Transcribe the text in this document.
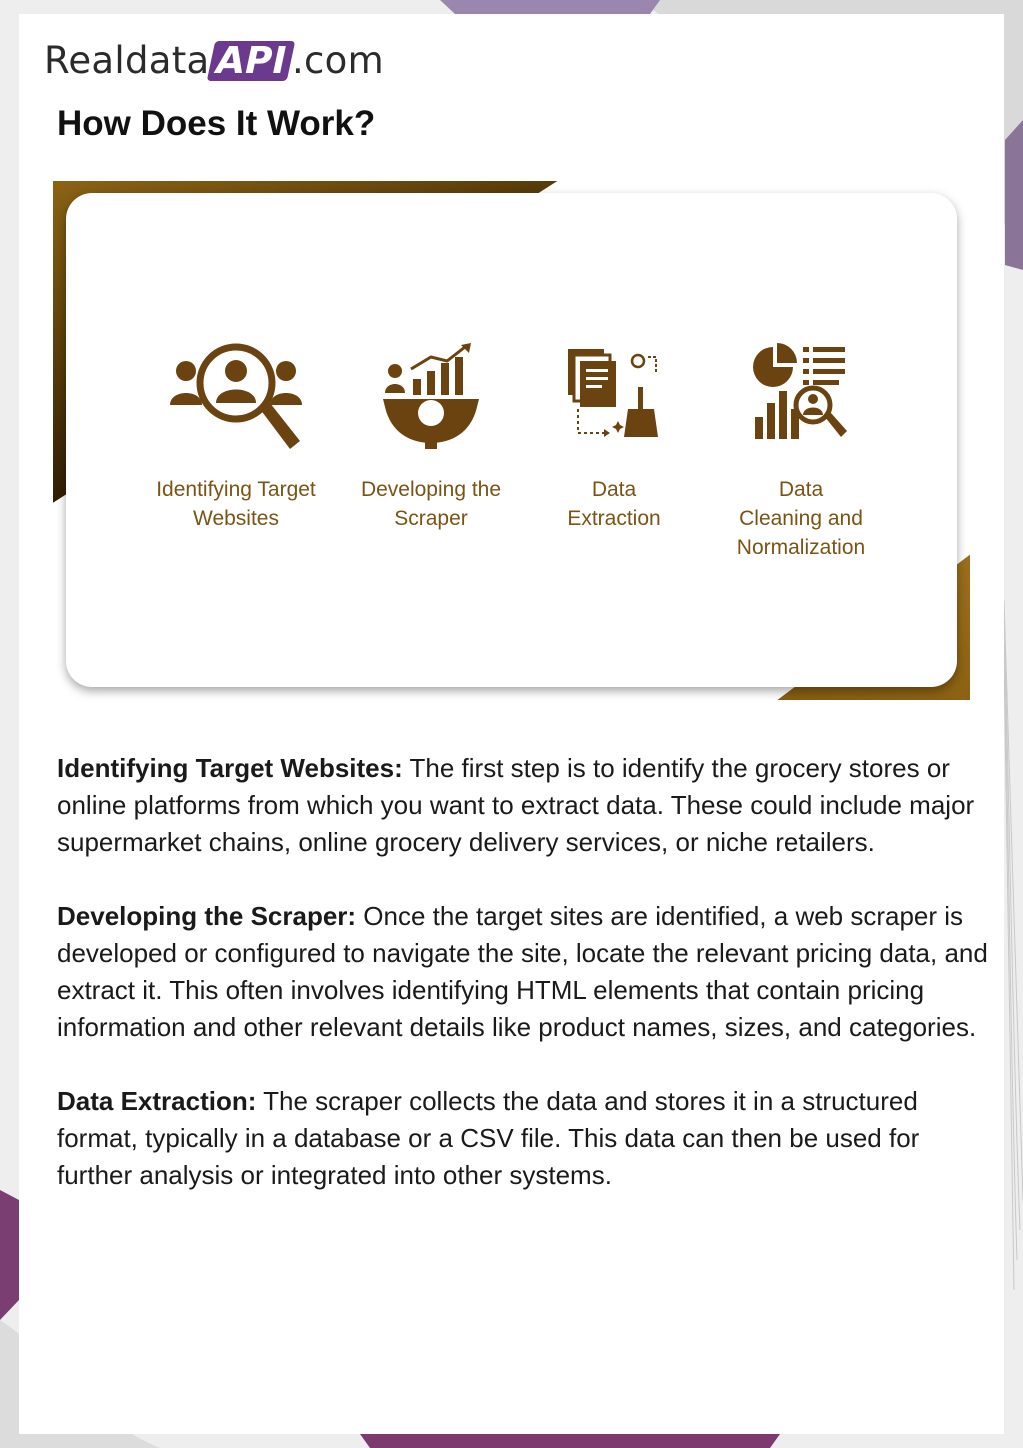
RealdataAPI.com
How Does It Work?
Identifying Target
Websites
Developing the
Scraper
Data
Extraction
Data
Cleaning and
Normalization

Identifying Target Websites: The first step is to identify the grocery stores or online platforms from which you want to extract data. These could include major supermarket chains, online grocery delivery services, or niche retailers.

Developing the Scraper: Once the target sites are identified, a web scraper is developed or configured to navigate the site, locate the relevant pricing data, and extract it. This often involves identifying HTML elements that contain pricing information and other relevant details like product names, sizes, and categories.

Data Extraction: The scraper collects the data and stores it in a structured format, typically in a database or a CSV file. This data can then be used for further analysis or integrated into other systems.
